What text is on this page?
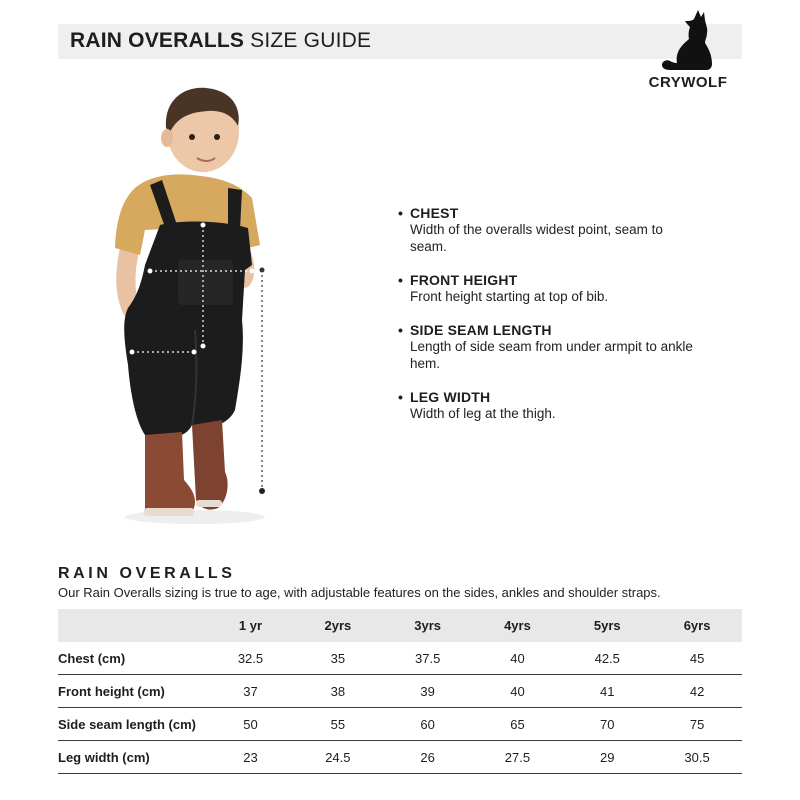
RAIN OVERALLS SIZE GUIDE
CRYWOLF
• CHEST
Width of the overalls widest point, seam to seam.
• FRONT HEIGHT
Front height starting at top of bib.
• SIDE SEAM LENGTH
Length of side seam from under armpit to ankle hem.
• LEG WIDTH
Width of leg at the thigh.
RAIN OVERALLS
Our Rain Overalls sizing is true to age, with adjustable features on the sides, ankles and shoulder straps.
	1 yr	2yrs	3yrs	4yrs	5yrs	6yrs
Chest (cm)	32.5	35	37.5	40	42.5	45
Front height (cm)	37	38	39	40	41	42
Side seam length (cm)	50	55	60	65	70	75
Leg width (cm)	23	24.5	26	27.5	29	30.5
